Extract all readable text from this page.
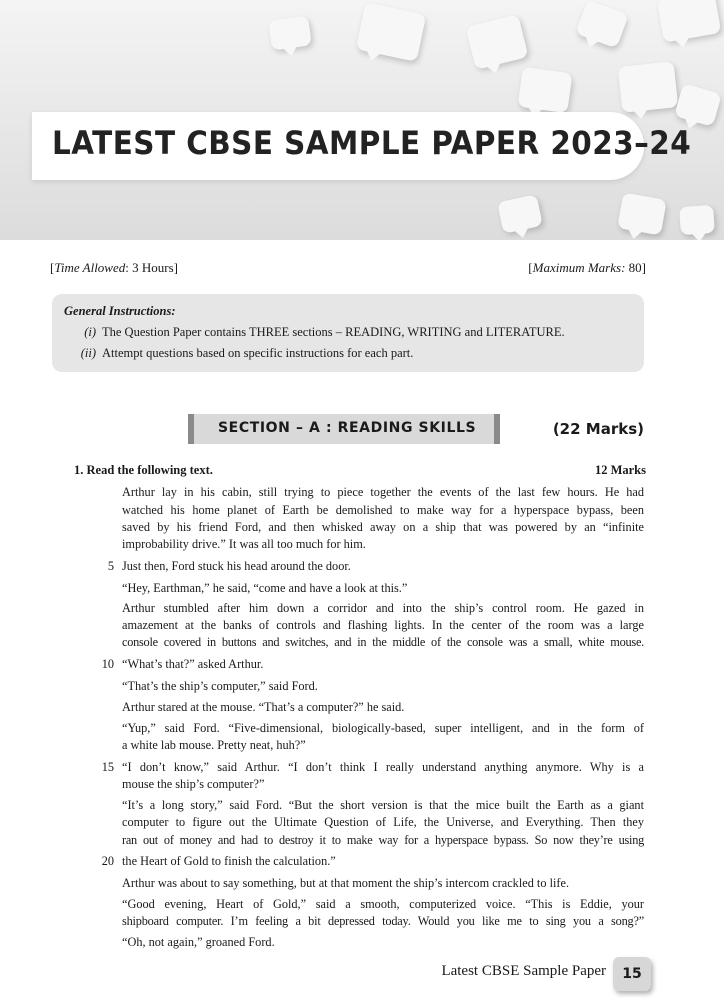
LATEST CBSE SAMPLE PAPER 2023–24
[Time Allowed: 3 Hours]	[Maximum Marks: 80]
General Instructions:
(i) The Question Paper contains THREE sections – READING, WRITING and LITERATURE.
(ii) Attempt questions based on specific instructions for each part.
SECTION – A : READING SKILLS	(22 Marks)
1. Read the following text.	12 Marks
Arthur lay in his cabin, still trying to piece together the events of the last few hours. He had
watched his home planet of Earth be demolished to make way for a hyperspace bypass, been
saved by his friend Ford, and then whisked away on a ship that was powered by an “infinite
improbability drive.” It was all too much for him.
5 Just then, Ford stuck his head around the door.
“Hey, Earthman,” he said, “come and have a look at this.”
Arthur stumbled after him down a corridor and into the ship’s control room. He gazed in
amazement at the banks of controls and flashing lights. In the center of the room was a large
console covered in buttons and switches, and in the middle of the console was a small, white mouse.
10 “What’s that?” asked Arthur.
“That’s the ship’s computer,” said Ford.
Arthur stared at the mouse. “That’s a computer?” he said.
“Yup,” said Ford. “Five-dimensional, biologically-based, super intelligent, and in the form of
a white lab mouse. Pretty neat, huh?”
15 “I don’t know,” said Arthur. “I don’t think I really understand anything anymore. Why is a
mouse the ship’s computer?”
“It’s a long story,” said Ford. “But the short version is that the mice built the Earth as a giant
computer to figure out the Ultimate Question of Life, the Universe, and Everything. Then they
ran out of money and had to destroy it to make way for a hyperspace bypass. So now they’re using
20 the Heart of Gold to finish the calculation.”
Arthur was about to say something, but at that moment the ship’s intercom crackled to life.
“Good evening, Heart of Gold,” said a smooth, computerized voice. “This is Eddie, your
shipboard computer. I’m feeling a bit depressed today. Would you like me to sing you a song?”
“Oh, not again,” groaned Ford.
Latest CBSE Sample Paper	15
